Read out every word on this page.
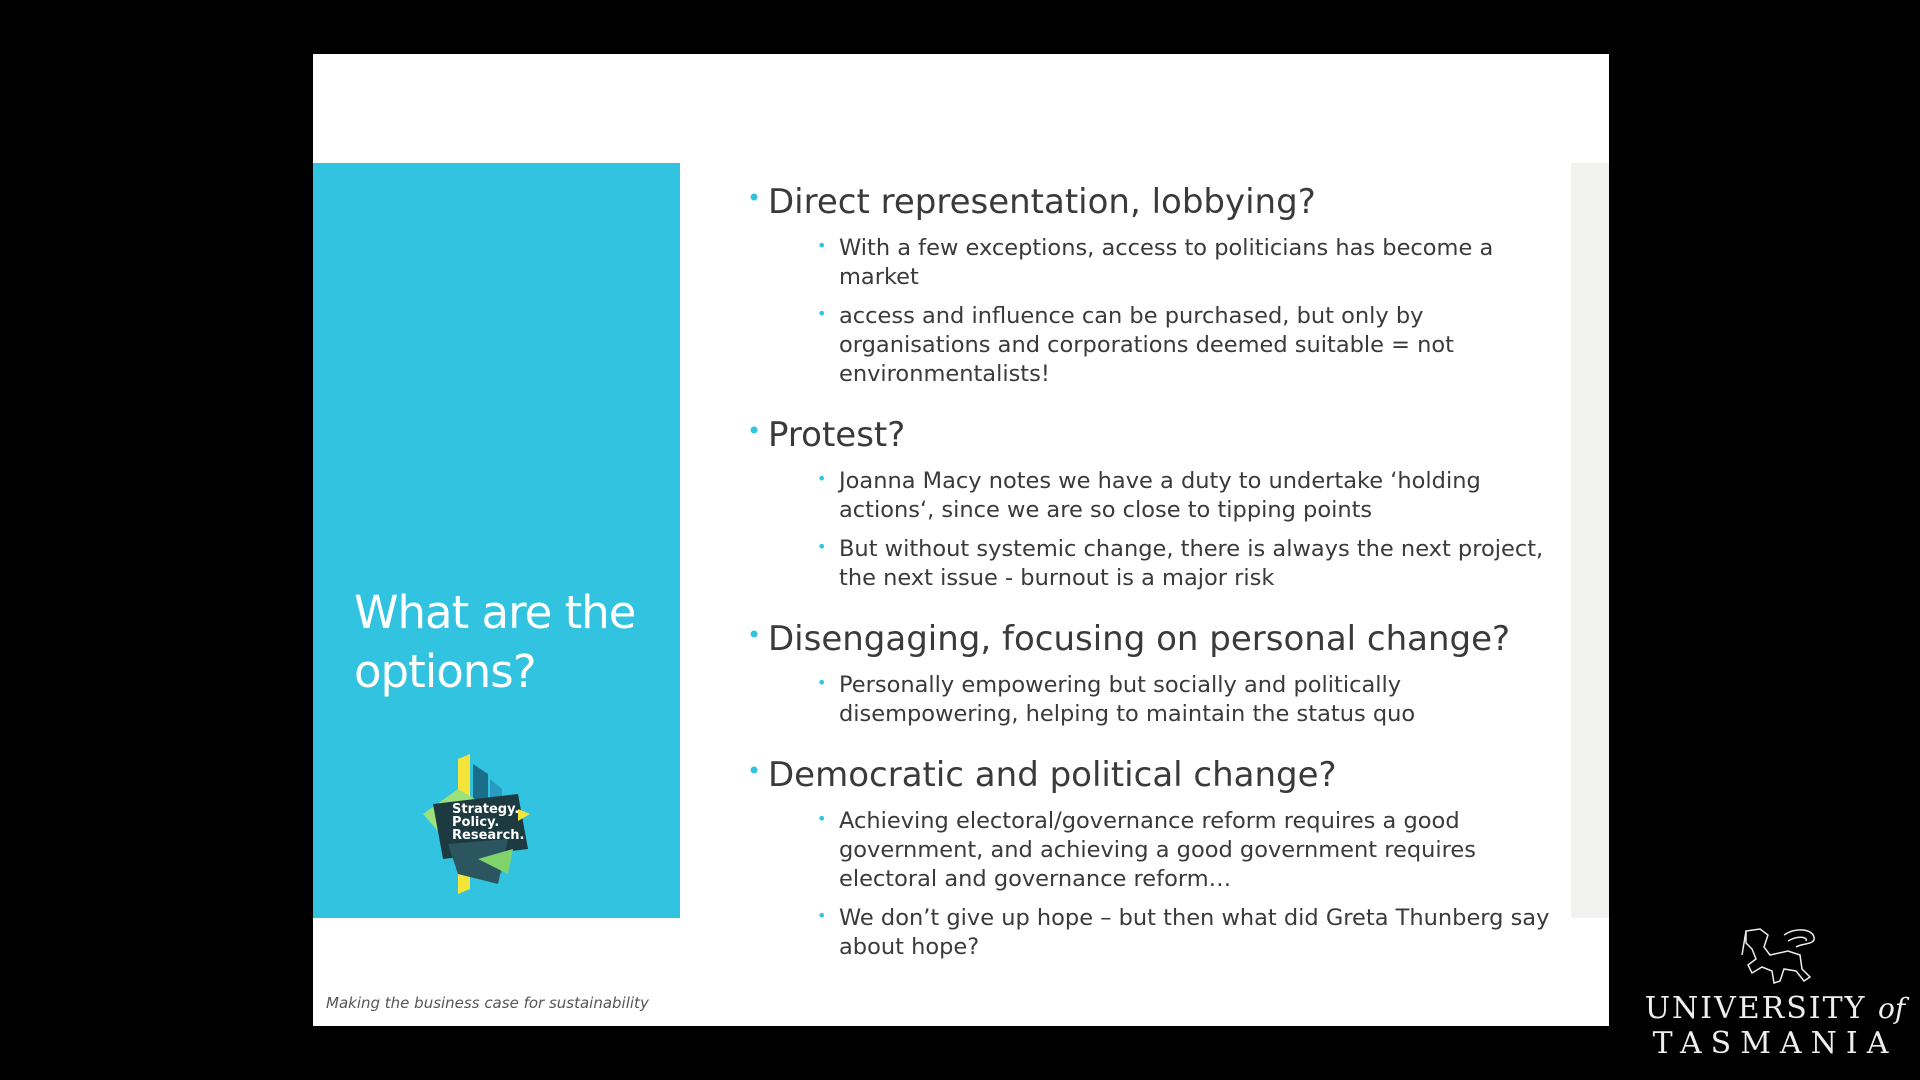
What are the options?
Strategy.
Policy.
Research.
• Direct representation, lobbying?
• With a few exceptions, access to politicians has become a market
• access and influence can be purchased, but only by organisations and corporations deemed suitable = not environmentalists!
• Protest?
• Joanna Macy notes we have a duty to undertake ‘holding actions‘, since we are so close to tipping points
• But without systemic change, there is always the next project, the next issue - burnout is a major risk
• Disengaging, focusing on personal change?
• Personally empowering but socially and politically disempowering, helping to maintain the status quo
• Democratic and political change?
• Achieving electoral/governance reform requires a good government, and achieving a good government requires electoral and governance reform…
• We don’t give up hope – but then what did Greta Thunberg say about hope?
Making the business case for sustainability	UNIVERSITY of
TASMANIA
